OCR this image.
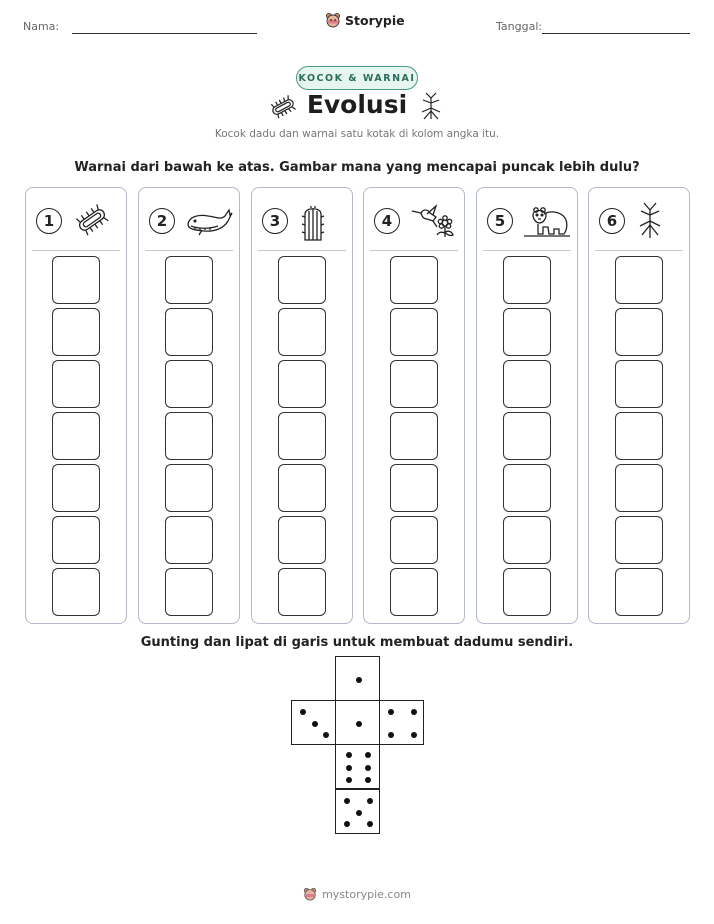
Nama:	Storypie	Tanggal:
KOCOK & WARNAI
Evolusi
Kocok dadu dan warnai satu kotak di kolom angka itu.
Warnai dari bawah ke atas. Gambar mana yang mencapai puncak lebih dulu?
1	2	3	4	5	6
Gunting dan lipat di garis untuk membuat dadumu sendiri.
mystorypie.com
